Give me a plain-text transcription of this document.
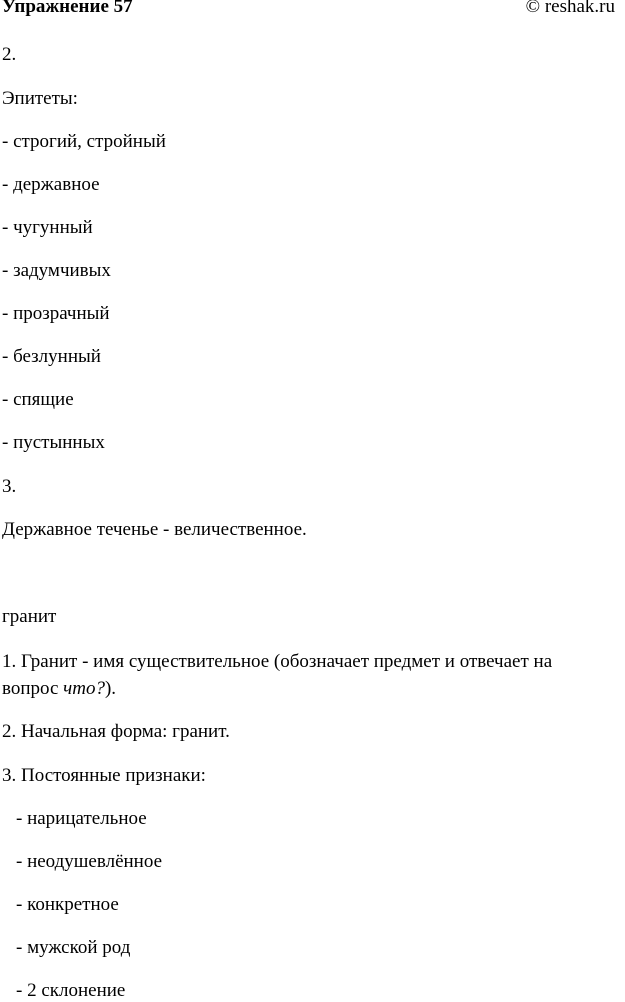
Упражнение 57	© reshak.ru
2.
Эпитеты:
- строгий, стройный
- державное
- чугунный
- задумчивых
- прозрачный
- безлунный
- спящие
- пустынных
3.
Державное теченье - величественное.
гранит
1. Гранит - имя существительное (обозначает предмет и отвечает на
вопрос что?).
2. Начальная форма: гранит.
3. Постоянные признаки:
- нарицательное
- неодушевлённое
- конкретное
- мужской род
- 2 склонение
